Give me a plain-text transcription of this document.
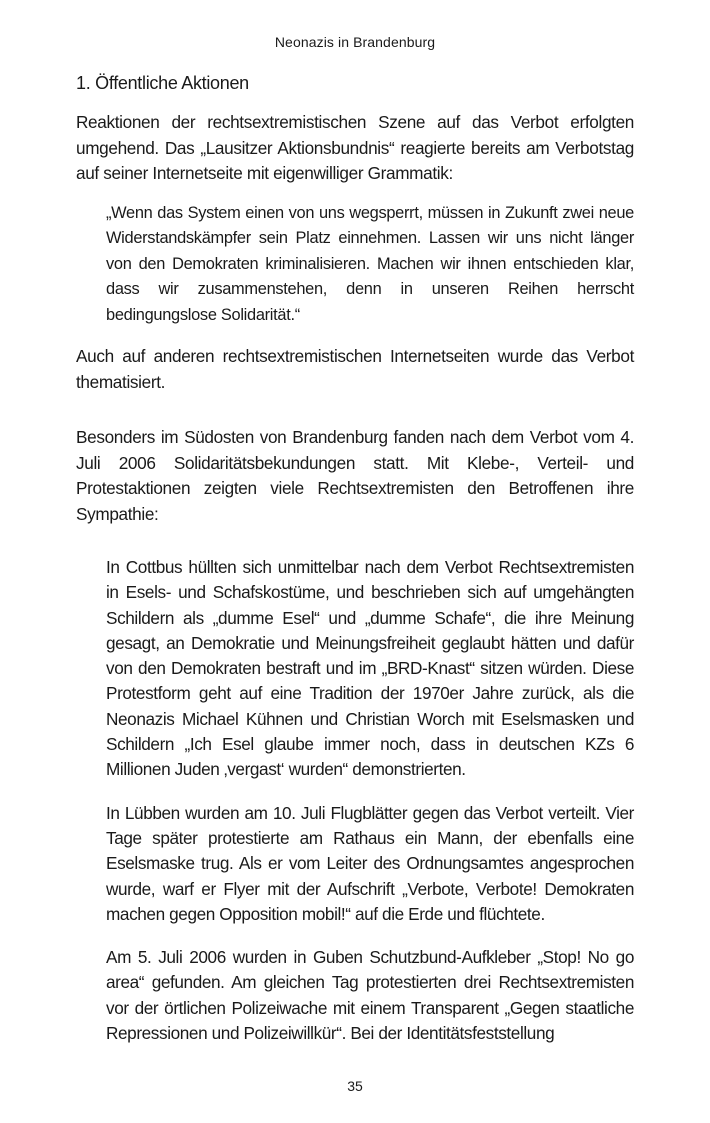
Neonazis in Brandenburg
1. Öffentliche Aktionen

Reaktionen der rechtsextremistischen Szene auf das Verbot erfolgten umgehend. Das „Lausitzer Aktionsbundnis“ reagierte bereits am Verbotstag auf seiner Internetseite mit eigenwilliger Grammatik:

„Wenn das System einen von uns wegsperrt, müssen in Zukunft zwei neue Widerstandskämpfer sein Platz einnehmen. Lassen wir uns nicht länger von den Demokraten kriminalisieren. Machen wir ihnen entschieden klar, dass wir zusammenstehen, denn in unseren Reihen herrscht bedingungslose Solidarität.“

Auch auf anderen rechtsextremistischen Internetseiten wurde das Verbot thematisiert.

Besonders im Südosten von Brandenburg fanden nach dem Verbot vom 4. Juli 2006 Solidaritätsbekundungen statt. Mit Klebe-, Verteil- und Protestaktionen zeigten viele Rechtsextremisten den Betroffenen ihre Sympathie:

In Cottbus hüllten sich unmittelbar nach dem Verbot Rechtsextremisten in Esels- und Schafskostüme, und beschrieben sich auf umgehängten Schildern als „dumme Esel“ und „dumme Schafe“, die ihre Meinung gesagt, an Demokratie und Meinungsfreiheit geglaubt hätten und dafür von den Demokraten bestraft und im „BRD-Knast“ sitzen würden. Diese Protestform geht auf eine Tradition der 1970er Jahre zurück, als die Neonazis Michael Kühnen und Christian Worch mit Eselsmasken und Schildern „Ich Esel glaube immer noch, dass in deutschen KZs 6 Millionen Juden ‚vergast‘ wurden“ demonstrierten.

In Lübben wurden am 10. Juli Flugblätter gegen das Verbot verteilt. Vier Tage später protestierte am Rathaus ein Mann, der ebenfalls eine Eselsmaske trug. Als er vom Leiter des Ordnungsamtes angesprochen wurde, warf er Flyer mit der Aufschrift „Verbote, Verbote! Demokraten machen gegen Opposition mobil!“ auf die Erde und flüchtete.

Am 5. Juli 2006 wurden in Guben Schutzbund-Aufkleber „Stop! No go area“ gefunden. Am gleichen Tag protestierten drei Rechtsextremisten vor der örtlichen Polizeiwache mit einem Transparent „Gegen staatliche Repressionen und Polizeiwillkür“. Bei der Identitätsfeststellung

35
